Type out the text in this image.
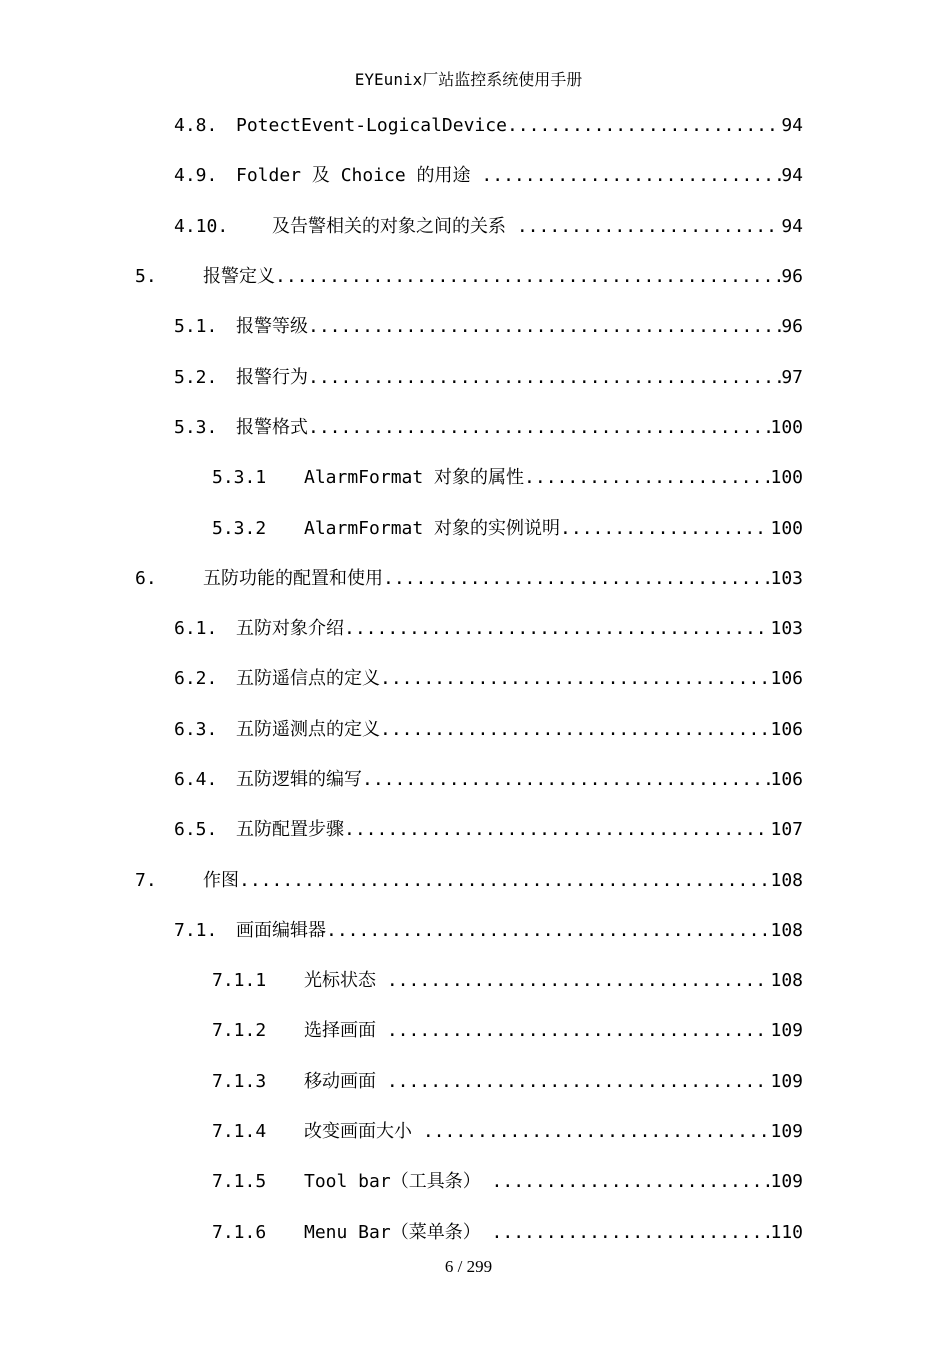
EYEunix厂站监控系统使用手册
4.8.	PotectEvent-LogicalDevice .....	94
4.9.	Folder 及 Choice 的用途 .....	94
4.10.	及告警相关的对象之间的关系 .....	94
5.	报警定义 .....	96
5.1.	报警等级 .....	96
5.2.	报警行为 .....	97
5.3.	报警格式 .....	100
5.3.1	AlarmFormat 对象的属性 .....	100
5.3.2	AlarmFormat 对象的实例说明 .....	100
6.	五防功能的配置和使用 .....	103
6.1.	五防对象介绍 .....	103
6.2.	五防遥信点的定义 .....	106
6.3.	五防遥测点的定义 .....	106
6.4.	五防逻辑的编写 .....	106
6.5.	五防配置步骤 .....	107
7.	作图 .....	108
7.1.	画面编辑器 .....	108
7.1.1	光标状态 .....	108
7.1.2	选择画面 .....	109
7.1.3	移动画面 .....	109
7.1.4	改变画面大小 .....	109
7.1.5	Tool bar（工具条） .....	109
7.1.6	Menu Bar（菜单条） .....	110
6 / 299
